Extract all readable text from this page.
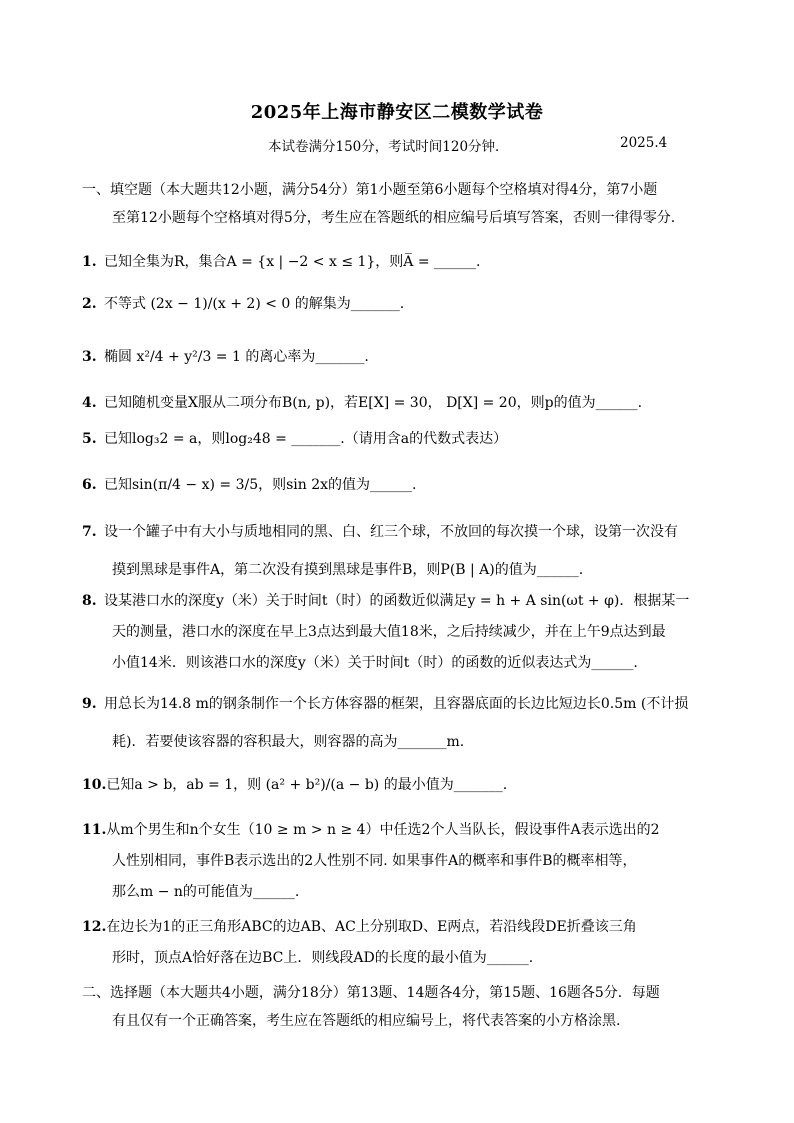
2025年上海市静安区二模数学试卷
本试卷满分150分，考试时间120分钟．	2025.4
一、填空题（本大题共12小题，满分54分）第1小题至第6小题每个空格填对得4分，第7小题
至第12小题每个空格填对得5分，考生应在答题纸的相应编号后填写答案，否则一律得零分.
1. 已知全集为R，集合A = {x | −2 < x ≤ 1}，则A̅ = ______.
2. 不等式 (2x − 1)/(x + 2) < 0 的解集为_______.
3. 椭圆 x²/4 + y²/3 = 1 的离心率为_______.
4. 已知随机变量X服从二项分布B(n, p)，若E[X] = 30， D[X] = 20，则p的值为______.
5. 已知log₃2 = a，则log₂48 = _______.（请用含a的代数式表达）
6. 已知sin(π/4 − x) = 3/5，则sin 2x的值为______.
7. 设一个罐子中有大小与质地相同的黑、白、红三个球，不放回的每次摸一个球，设第一次没有
摸到黑球是事件A，第二次没有摸到黑球是事件B，则P(B | A)的值为______.
8. 设某港口水的深度y（米）关于时间t（时）的函数近似满足y = h + A sin(ωt + φ)．根据某一
天的测量，港口水的深度在早上3点达到最大值18米，之后持续减少，并在上午9点达到最
小值14米．则该港口水的深度y（米）关于时间t（时）的函数的近似表达式为______.
9. 用总长为14.8 m的钢条制作一个长方体容器的框架，且容器底面的长边比短边长0.5m (不计损
耗)．若要使该容器的容积最大，则容器的高为_______m.
10.已知a > b，ab = 1，则 (a² + b²)/(a − b) 的最小值为_______.
11.从m个男生和n个女生（10 ≥ m > n ≥ 4）中任选2个人当队长，假设事件A表示选出的2
人性别相同，事件B表示选出的2人性别不同. 如果事件A的概率和事件B的概率相等，
那么m − n的可能值为______.
12.在边长为1的正三角形ABC的边AB、AC上分别取D、E两点，若沿线段DE折叠该三角
形时，顶点A恰好落在边BC上．则线段AD的长度的最小值为______.
二、选择题（本大题共4小题，满分18分）第13题、14题各4分，第15题、16题各5分．每题
有且仅有一个正确答案，考生应在答题纸的相应编号上，将代表答案的小方格涂黑.
